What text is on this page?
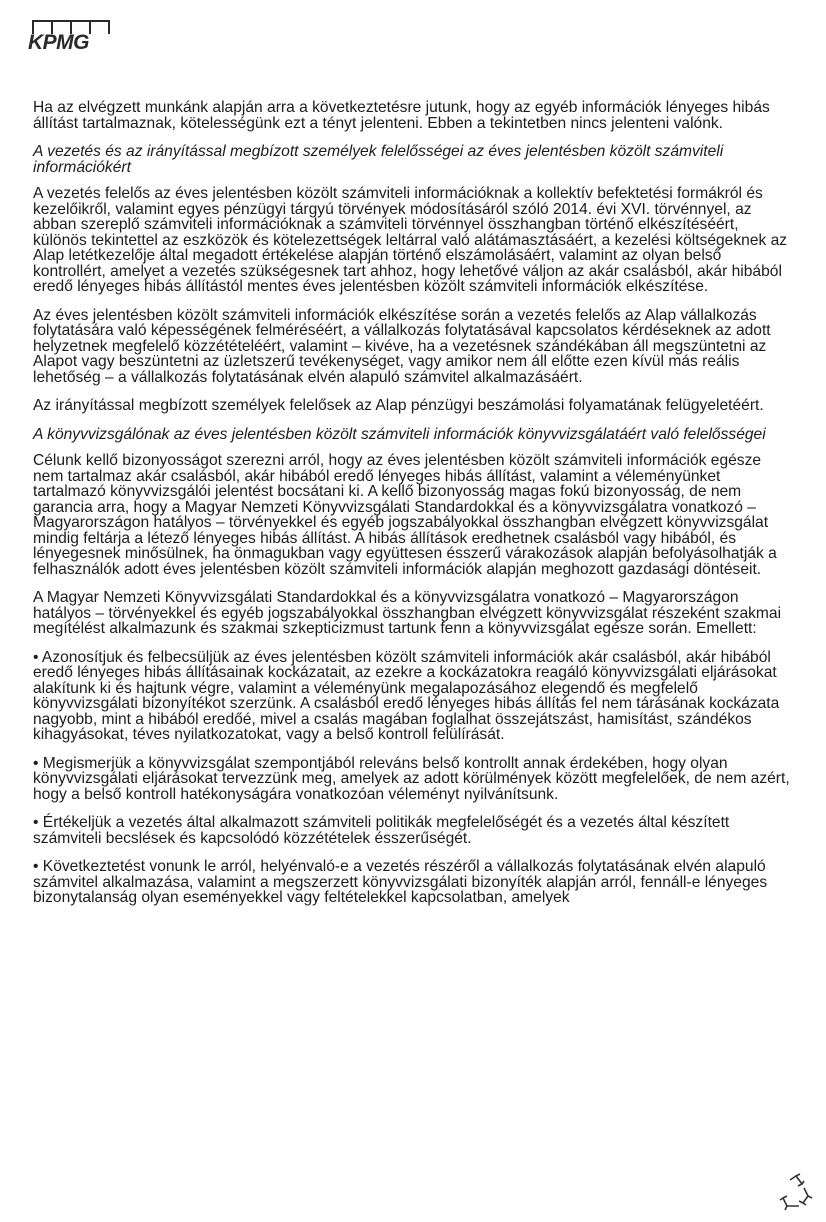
KPMG

Ha az elvégzett munkánk alapján arra a következtetésre jutunk, hogy az egyéb információk lényeges hibás állítást tartalmaznak, kötelességünk ezt a tényt jelenteni. Ebben a tekintetben nincs jelenteni valónk.

A vezetés és az irányítással megbízott személyek felelősségei az éves jelentésben közölt számviteli információkért

A vezetés felelős az éves jelentésben közölt számviteli információknak a kollektív befektetési formákról és kezelőikről, valamint egyes pénzügyi tárgyú törvények módosításáról szóló 2014. évi XVI. törvénnyel, az abban szereplő számviteli információknak a számviteli törvénnyel összhangban történő elkészítéséért, különös tekintettel az eszközök és kötelezettségek leltárral való alátámasztásáért, a kezelési költségeknek az Alap letétkezelője által megadott értékelése alapján történő elszámolásáért, valamint az olyan belső kontrollért, amelyet a vezetés szükségesnek tart ahhoz, hogy lehetővé váljon az akár csalásból, akár hibából eredő lényeges hibás állítástól mentes éves jelentésben közölt számviteli információk elkészítése.

Az éves jelentésben közölt számviteli információk elkészítése során a vezetés felelős az Alap vállalkozás folytatására való képességének felméréséért, a vállalkozás folytatásával kapcsolatos kérdéseknek az adott helyzetnek megfelelő közzétételéért, valamint – kivéve, ha a vezetésnek szándékában áll megszüntetni az Alapot vagy beszüntetni az üzletszerű tevékenységet, vagy amikor nem áll előtte ezen kívül más reális lehetőség – a vállalkozás folytatásának elvén alapuló számvitel alkalmazásáért.

Az irányítással megbízott személyek felelősek az Alap pénzügyi beszámolási folyamatának felügyeletéért.

A könyvvizsgálónak az éves jelentésben közölt számviteli információk könyvvizsgálatáért való felelősségei

Célunk kellő bizonyosságot szerezni arról, hogy az éves jelentésben közölt számviteli információk egésze nem tartalmaz akár csalásból, akár hibából eredő lényeges hibás állítást, valamint a véleményünket tartalmazó könyvvizsgálói jelentést bocsátani ki. A kellő bizonyosság magas fokú bizonyosság, de nem garancia arra, hogy a Magyar Nemzeti Könyvvizsgálati Standardokkal és a könyvvizsgálatra vonatkozó – Magyarországon hatályos – törvényekkel és egyéb jogszabályokkal összhangban elvégzett könyvvizsgálat mindig feltárja a létező lényeges hibás állítást. A hibás állítások eredhetnek csalásból vagy hibából, és lényegesnek minősülnek, ha önmagukban vagy együttesen ésszerű várakozások alapján befolyásolhatják a felhasználók adott éves jelentésben közölt számviteli információk alapján meghozott gazdasági döntéseit.

A Magyar Nemzeti Könyvvizsgálati Standardokkal és a könyvvizsgálatra vonatkozó – Magyarországon hatályos – törvényekkel és egyéb jogszabályokkal összhangban elvégzett könyvvizsgálat részeként szakmai megítélést alkalmazunk és szakmai szkepticizmust tartunk fenn a könyvvizsgálat egésze során. Emellett:

• Azonosítjuk és felbecsüljük az éves jelentésben közölt számviteli információk akár csalásból, akár hibából eredő lényeges hibás állításainak kockázatait, az ezekre a kockázatokra reagáló könyvvizsgálati eljárásokat alakítunk ki és hajtunk végre, valamint a véleményünk megalapozásához elegendő és megfelelő könyvvizsgálati bizonyítékot szerzünk. A csalásból eredő lényeges hibás állítás fel nem tárásának kockázata nagyobb, mint a hibából eredőé, mivel a csalás magában foglalhat összejátszást, hamisítást, szándékos kihagyásokat, téves nyilatkozatokat, vagy a belső kontroll felülírását.

• Megismerjük a könyvvizsgálat szempontjából releváns belső kontrollt annak érdekében, hogy olyan könyvvizsgálati eljárásokat tervezzünk meg, amelyek az adott körülmények között megfelelőek, de nem azért, hogy a belső kontroll hatékonyságára vonatkozóan véleményt nyilvánítsunk.

• Értékeljük a vezetés által alkalmazott számviteli politikák megfelelőségét és a vezetés által készített számviteli becslések és kapcsolódó közzétételek ésszerűségét.

• Következtetést vonunk le arról, helyénvaló-e a vezetés részéről a vállalkozás folytatásának elvén alapuló számvitel alkalmazása, valamint a megszerzett könyvvizsgálati bizonyíték alapján arról, fennáll-e lényeges bizonytalanság olyan eseményekkel vagy feltételekkel kapcsolatban, amelyek
